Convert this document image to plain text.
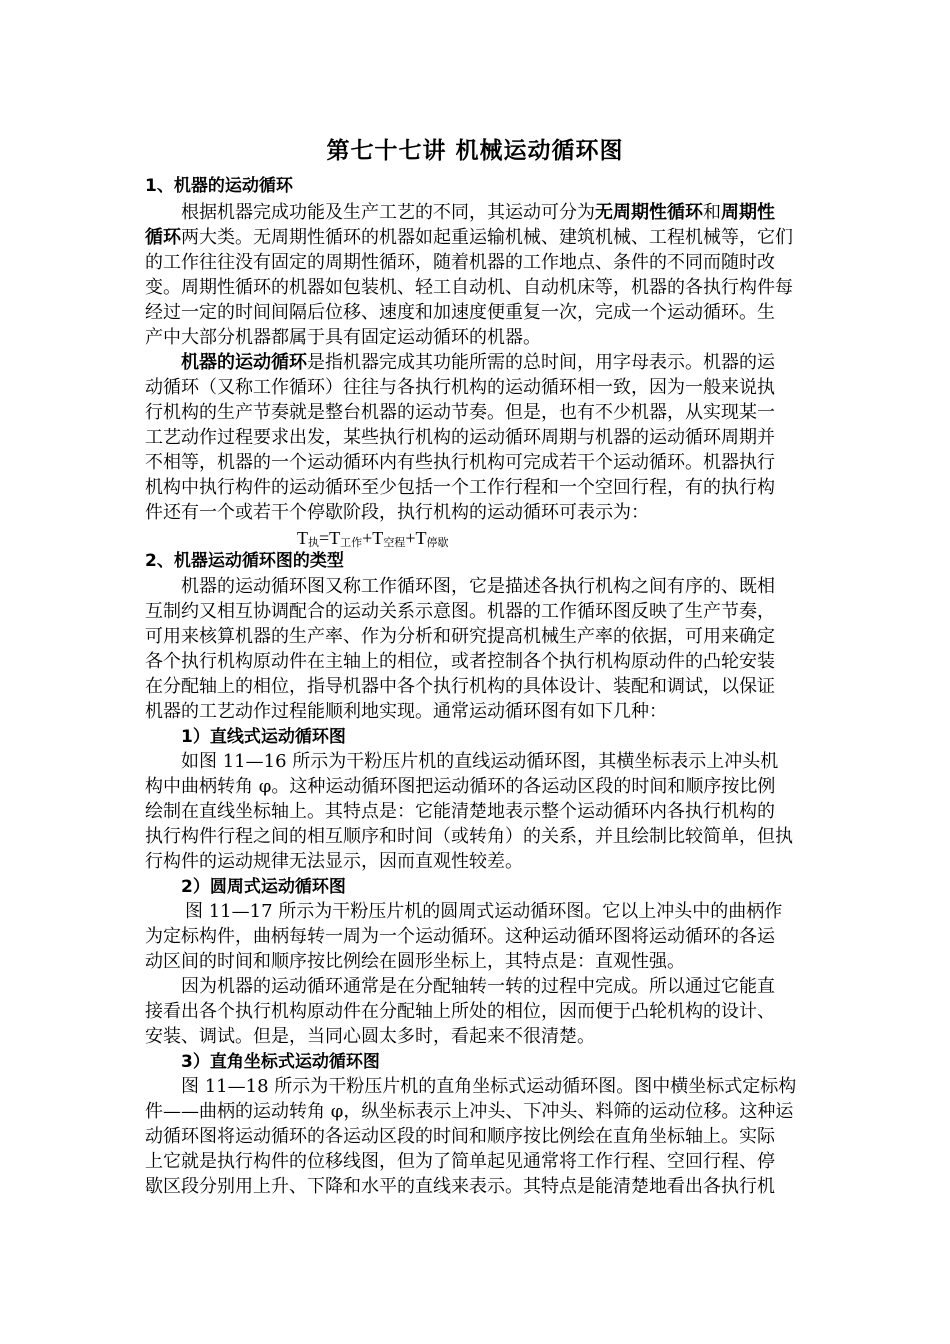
第七十七讲 机械运动循环图
1、机器的运动循环
根据机器完成功能及生产工艺的不同，其运动可分为无周期性循环和周期性
循环两大类。无周期性循环的机器如起重运输机械、建筑机械、工程机械等，它们
的工作往往没有固定的周期性循环，随着机器的工作地点、条件的不同而随时改
变。周期性循环的机器如包装机、轻工自动机、自动机床等，机器的各执行构件每
经过一定的时间间隔后位移、速度和加速度便重复一次，完成一个运动循环。生
产中大部分机器都属于具有固定运动循环的机器。
机器的运动循环是指机器完成其功能所需的总时间，用字母表示。机器的运
动循环（又称工作循环）往往与各执行机构的运动循环相一致，因为一般来说执
行机构的生产节奏就是整台机器的运动节奏。但是，也有不少机器，从实现某一
工艺动作过程要求出发，某些执行机构的运动循环周期与机器的运动循环周期并
不相等，机器的一个运动循环内有些执行机构可完成若干个运动循环。机器执行
机构中执行构件的运动循环至少包括一个工作行程和一个空回行程，有的执行构
件还有一个或若干个停歇阶段，执行机构的运动循环可表示为：
$T_执=T_{工作}+T_{空程}+T_{停歇}$
2、机器运动循环图的类型
机器的运动循环图又称工作循环图，它是描述各执行机构之间有序的、既相
互制约又相互协调配合的运动关系示意图。机器的工作循环图反映了生产节奏，
可用来核算机器的生产率、作为分析和研究提高机械生产率的依据，可用来确定
各个执行机构原动件在主轴上的相位，或者控制各个执行机构原动件的凸轮安装
在分配轴上的相位，指导机器中各个执行机构的具体设计、装配和调试，以保证
机器的工艺动作过程能顺利地实现。通常运动循环图有如下几种：
1）直线式运动循环图
如图 11—16 所示为干粉压片机的直线运动循环图，其横坐标表示上冲头机
构中曲柄转角 φ。这种运动循环图把运动循环的各运动区段的时间和顺序按比例
绘制在直线坐标轴上。其特点是：它能清楚地表示整个运动循环内各执行机构的
执行构件行程之间的相互顺序和时间（或转角）的关系，并且绘制比较简单，但执
行构件的运动规律无法显示，因而直观性较差。
2）圆周式运动循环图
图 11—17 所示为干粉压片机的圆周式运动循环图。它以上冲头中的曲柄作
为定标构件，曲柄每转一周为一个运动循环。这种运动循环图将运动循环的各运
动区间的时间和顺序按比例绘在圆形坐标上，其特点是：直观性强。
因为机器的运动循环通常是在分配轴转一转的过程中完成。所以通过它能直
接看出各个执行机构原动件在分配轴上所处的相位，因而便于凸轮机构的设计、
安装、调试。但是，当同心圆太多时，看起来不很清楚。
3）直角坐标式运动循环图
图 11—18 所示为干粉压片机的直角坐标式运动循环图。图中横坐标式定标构
件——曲柄的运动转角 φ，纵坐标表示上冲头、下冲头、料筛的运动位移。这种运
动循环图将运动循环的各运动区段的时间和顺序按比例绘在直角坐标轴上。实际
上它就是执行构件的位移线图，但为了简单起见通常将工作行程、空回行程、停
歇区段分别用上升、下降和水平的直线来表示。其特点是能清楚地看出各执行机
